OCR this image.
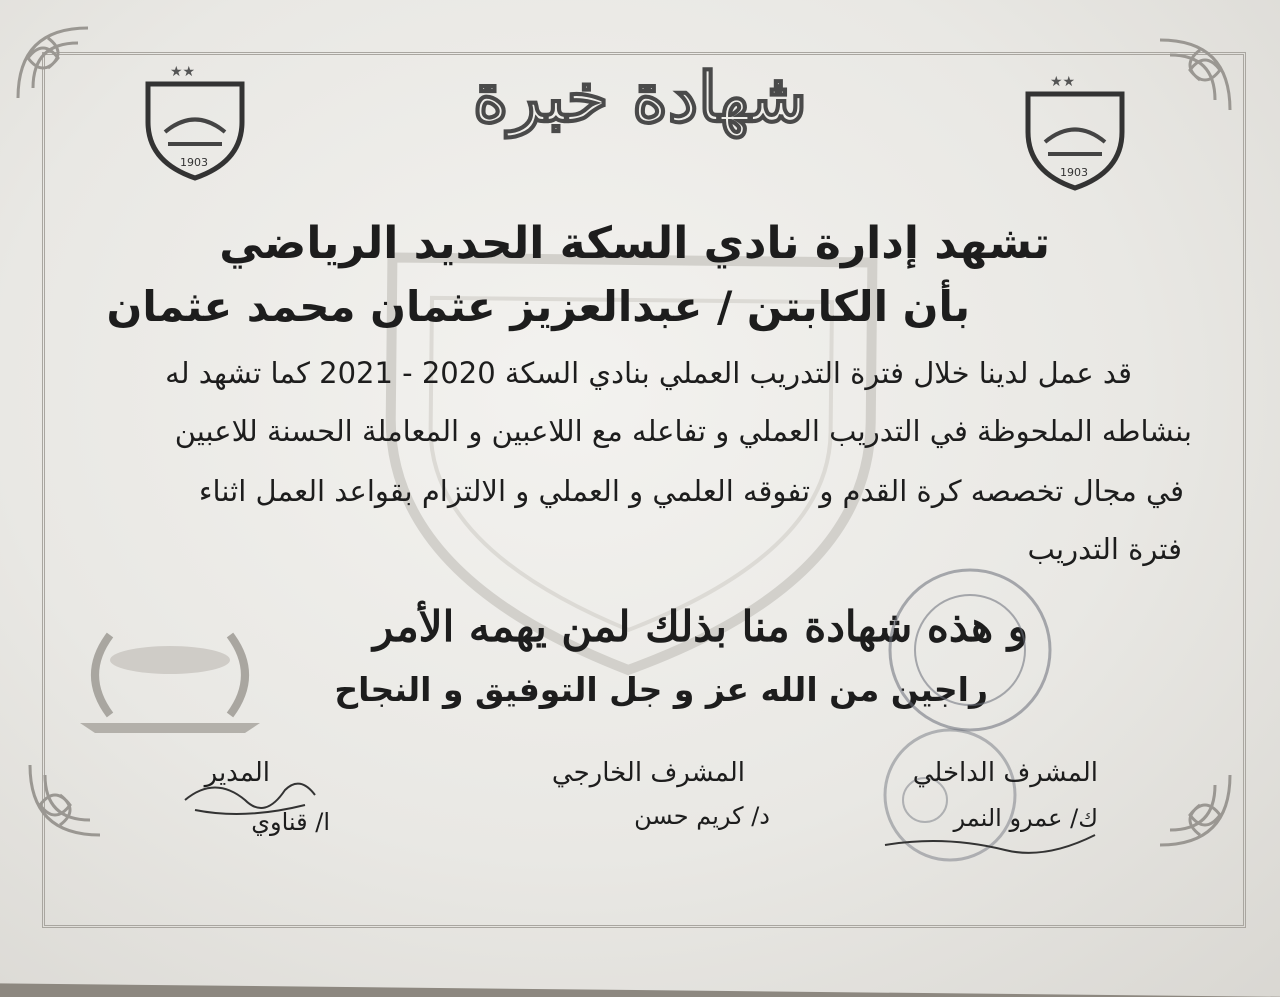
★★
1903
★★
1903
شهادة خبرة
تشهد إدارة نادي السكة الحديد الرياضي
بأن الكابتن / عبدالعزيز عثمان محمد عثمان
قد عمل لدينا خلال فترة التدريب العملي بنادي السكة 2020 - 2021 كما تشهد له
بنشاطه الملحوظة في التدريب العملي و تفاعله مع اللاعبين و المعاملة الحسنة للاعبين
في مجال تخصصه كرة القدم و تفوقه العلمي و العملي و الالتزام بقواعد العمل اثناء
فترة التدريب
و هذه شهادة منا بذلك لمن يهمه الأمر
راجين من الله عز و جل التوفيق و النجاح
المدير
ا/ قناوي
المشرف الخارجي
د/ كريم حسن
المشرف الداخلي
ك/ عمرو النمر
